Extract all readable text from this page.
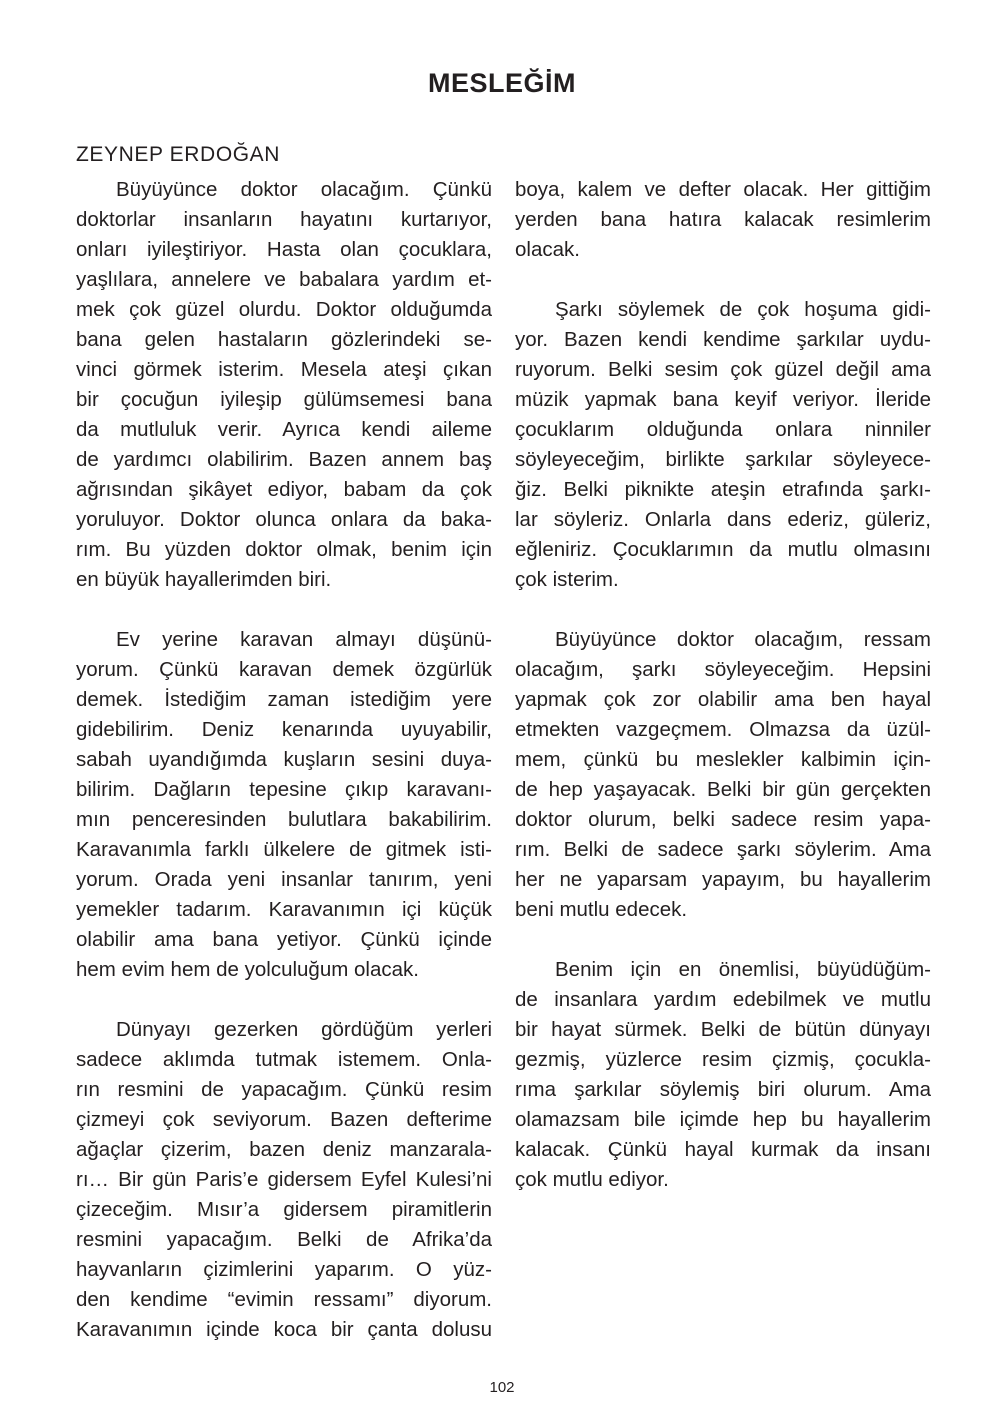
MESLEĞİM
ZEYNEP ERDOĞAN
Büyüyünce doktor olacağım. Çünkü
doktorlar insanların hayatını kurtarıyor,
onları iyileştiriyor. Hasta olan çocuklara,
yaşlılara, annelere ve babalara yardım et-
mek çok güzel olurdu. Doktor olduğumda
bana gelen hastaların gözlerindeki se-
vinci görmek isterim. Mesela ateşi çıkan
bir çocuğun iyileşip gülümsemesi bana
da mutluluk verir. Ayrıca kendi aileme
de yardımcı olabilirim. Bazen annem baş
ağrısından şikâyet ediyor, babam da çok
yoruluyor. Doktor olunca onlara da baka-
rım. Bu yüzden doktor olmak, benim için
en büyük hayallerimden biri.
Ev yerine karavan almayı düşünü-
yorum. Çünkü karavan demek özgürlük
demek. İstediğim zaman istediğim yere
gidebilirim. Deniz kenarında uyuyabilir,
sabah uyandığımda kuşların sesini duya-
bilirim. Dağların tepesine çıkıp karavanı-
mın penceresinden bulutlara bakabilirim.
Karavanımla farklı ülkelere de gitmek isti-
yorum. Orada yeni insanlar tanırım, yeni
yemekler tadarım. Karavanımın içi küçük
olabilir ama bana yetiyor. Çünkü içinde
hem evim hem de yolculuğum olacak.
Dünyayı gezerken gördüğüm yerleri
sadece aklımda tutmak istemem. Onla-
rın resmini de yapacağım. Çünkü resim
çizmeyi çok seviyorum. Bazen defterime
ağaçlar çizerim, bazen deniz manzarala-
rı… Bir gün Paris’e gidersem Eyfel Kulesi’ni
çizeceğim. Mısır’a gidersem piramitlerin
resmini yapacağım. Belki de Afrika’da
hayvanların çizimlerini yaparım. O yüz-
den kendime “evimin ressamı” diyorum.
Karavanımın içinde koca bir çanta dolusu
boya, kalem ve defter olacak. Her gittiğim
yerden bana hatıra kalacak resimlerim
olacak.
Şarkı söylemek de çok hoşuma gidi-
yor. Bazen kendi kendime şarkılar uydu-
ruyorum. Belki sesim çok güzel değil ama
müzik yapmak bana keyif veriyor. İleride
çocuklarım olduğunda onlara ninniler
söyleyeceğim, birlikte şarkılar söyleyece-
ğiz. Belki piknikte ateşin etrafında şarkı-
lar söyleriz. Onlarla dans ederiz, güleriz,
eğleniriz. Çocuklarımın da mutlu olmasını
çok isterim.
Büyüyünce doktor olacağım, ressam
olacağım, şarkı söyleyeceğim. Hepsini
yapmak çok zor olabilir ama ben hayal
etmekten vazgeçmem. Olmazsa da üzül-
mem, çünkü bu meslekler kalbimin için-
de hep yaşayacak. Belki bir gün gerçekten
doktor olurum, belki sadece resim yapa-
rım. Belki de sadece şarkı söylerim. Ama
her ne yaparsam yapayım, bu hayallerim
beni mutlu edecek.
Benim için en önemlisi, büyüdüğüm-
de insanlara yardım edebilmek ve mutlu
bir hayat sürmek. Belki de bütün dünyayı
gezmiş, yüzlerce resim çizmiş, çocukla-
rıma şarkılar söylemiş biri olurum. Ama
olamazsam bile içimde hep bu hayallerim
kalacak. Çünkü hayal kurmak da insanı
çok mutlu ediyor.
102
